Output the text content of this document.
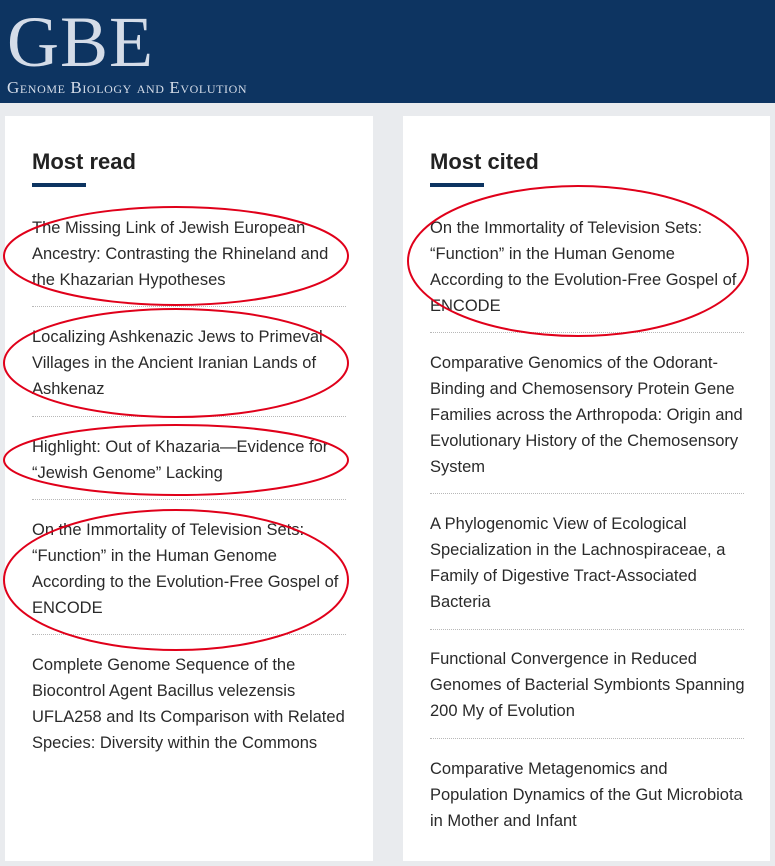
GBE
Genome Biology and Evolution
Most read
The Missing Link of Jewish European Ancestry: Contrasting the Rhineland and the Khazarian Hypotheses
Localizing Ashkenazic Jews to Primeval Villages in the Ancient Iranian Lands of Ashkenaz
Highlight: Out of Khazaria—Evidence for “Jewish Genome” Lacking
On the Immortality of Television Sets: “Function” in the Human Genome According to the Evolution-Free Gospel of ENCODE
Complete Genome Sequence of the Biocontrol Agent Bacillus velezensis UFLA258 and Its Comparison with Related Species: Diversity within the Commons
Most cited
On the Immortality of Television Sets: “Function” in the Human Genome According to the Evolution-Free Gospel of ENCODE
Comparative Genomics of the Odorant-Binding and Chemosensory Protein Gene Families across the Arthropoda: Origin and Evolutionary History of the Chemosensory System
A Phylogenomic View of Ecological Specialization in the Lachnospiraceae, a Family of Digestive Tract-Associated Bacteria
Functional Convergence in Reduced Genomes of Bacterial Symbionts Spanning 200 My of Evolution
Comparative Metagenomics and Population Dynamics of the Gut Microbiota in Mother and Infant
